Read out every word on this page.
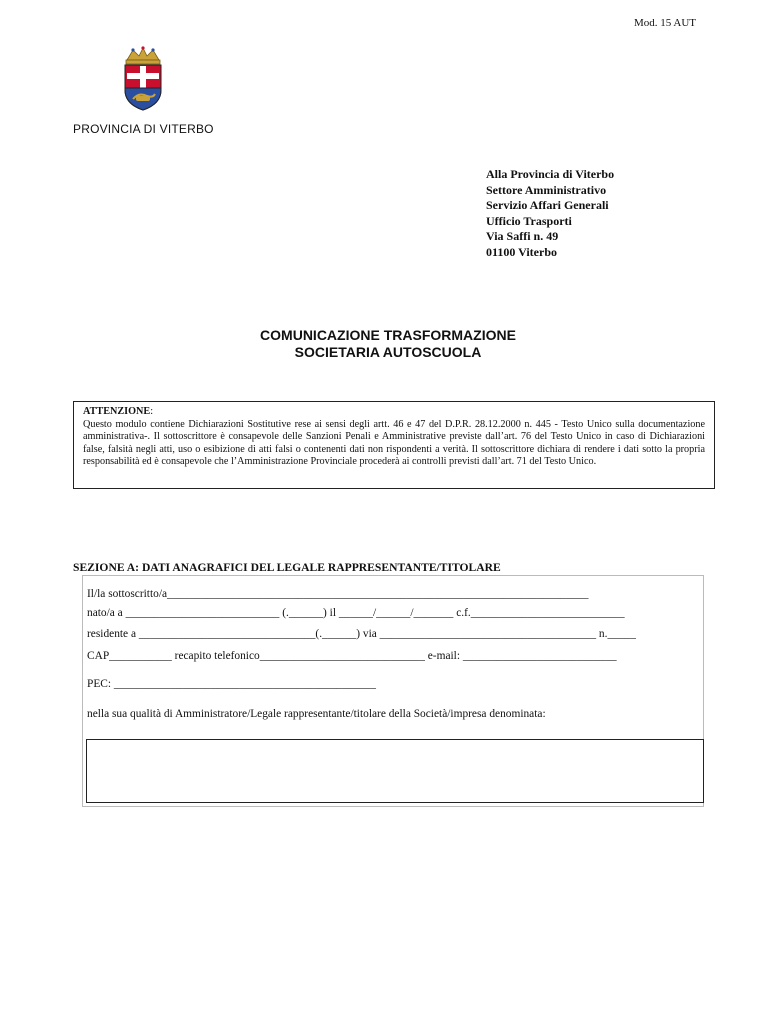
Mod. 15 AUT
PROVINCIA DI VITERBO
Alla Provincia di Viterbo
Settore Amministrativo
Servizio Affari Generali
Ufficio Trasporti
Via Saffi n. 49
01100 Viterbo
COMUNICAZIONE TRASFORMAZIONE
SOCIETARIA AUTOSCUOLA
ATTENZIONE:
Questo modulo contiene Dichiarazioni Sostitutive rese ai sensi degli artt. 46 e 47 del D.P.R. 28.12.2000 n. 445 - Testo Unico sulla documentazione amministrativa-. Il sottoscrittore è consapevole delle Sanzioni Penali e Amministrative previste dall’art. 76 del Testo Unico in caso di Dichiarazioni false, falsità negli atti, uso o esibizione di atti falsi o contenenti dati non rispondenti a verità. Il sottoscrittore dichiara di rendere i dati sotto la propria responsabilità ed è consapevole che l’Amministrazione Provinciale procederà ai controlli previsti dall’art. 71 del Testo Unico.
SEZIONE A: DATI ANAGRAFICI DEL LEGALE RAPPRESENTANTE/TITOLARE
Il/la sottoscritto/a__________________________________________________________________________
nato/a a ___________________________ (.______) il ______/______/_______ c.f.___________________________
residente a _______________________________(.______) via ______________________________________ n._____
CAP___________ recapito telefonico_____________________________ e-mail: ___________________________
PEC: ______________________________________________
nella sua qualità di Amministratore/Legale rappresentante/titolare della Società/impresa denominata:
